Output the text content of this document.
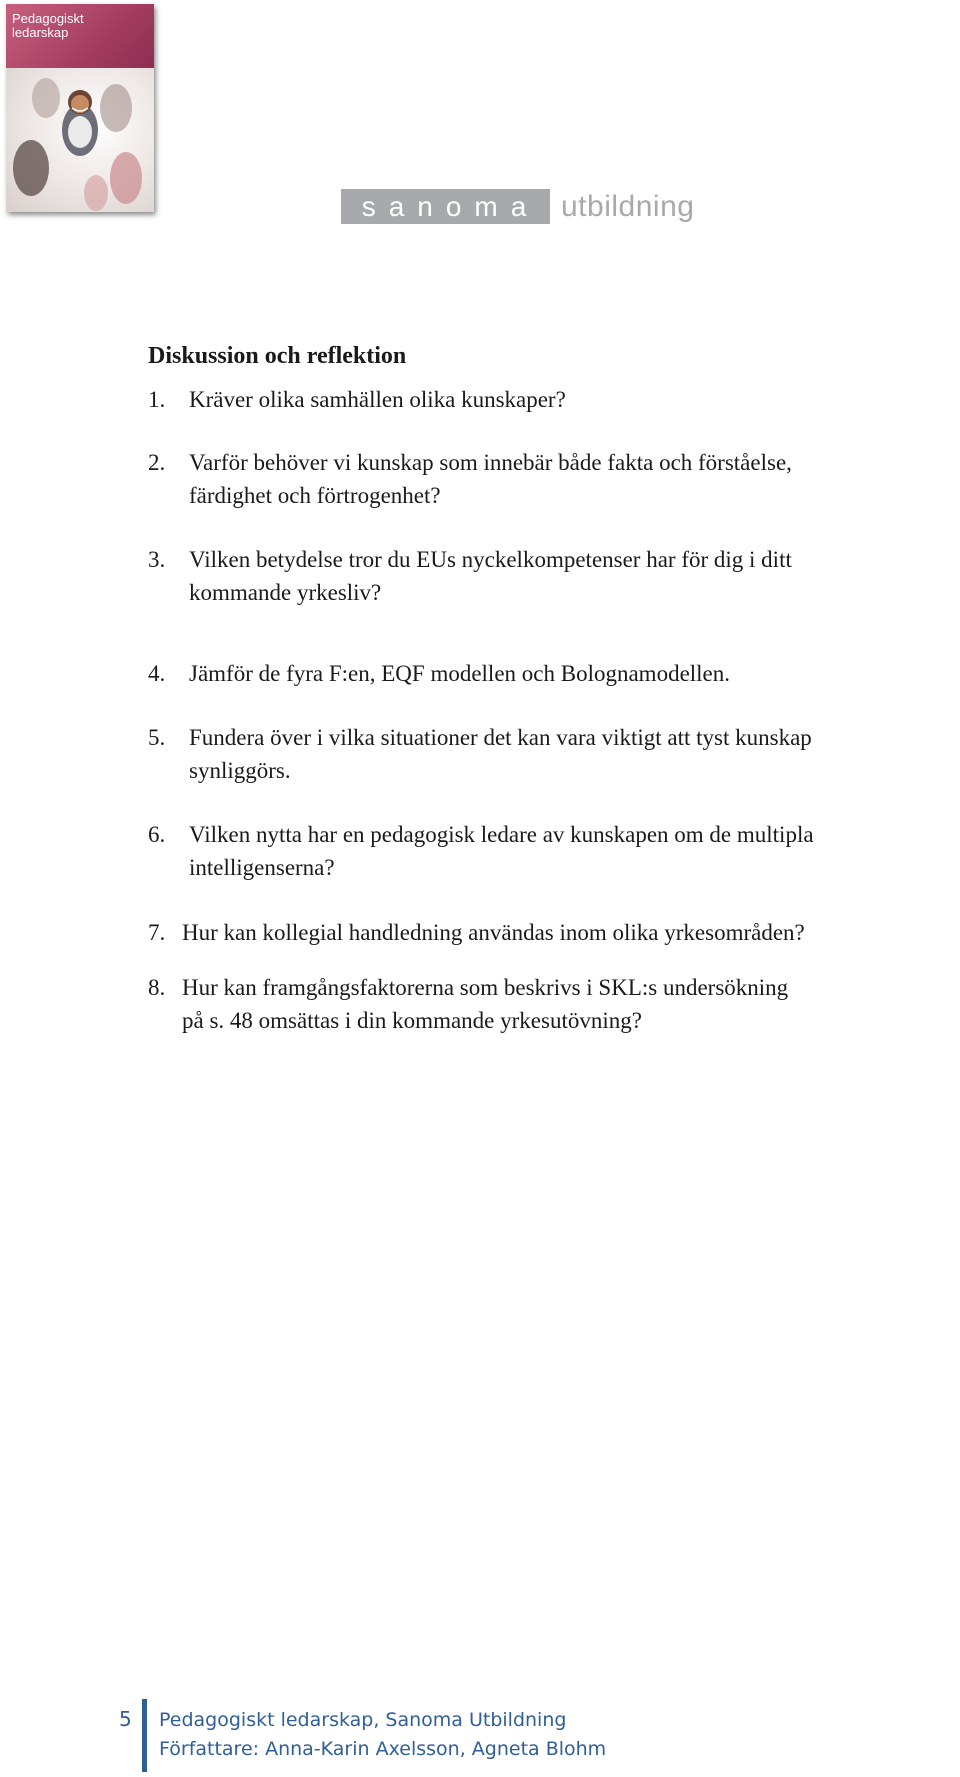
Pedagogiskt
ledarskap
sanoma utbildning
Diskussion och reflektion
1. Kräver olika samhällen olika kunskaper?
2. Varför behöver vi kunskap som innebär både fakta och förståelse,
färdighet och förtrogenhet?
3. Vilken betydelse tror du EUs nyckelkompetenser har för dig i ditt
kommande yrkesliv?
4. Jämför de fyra F:en, EQF modellen och Bolognamodellen.
5. Fundera över i vilka situationer det kan vara viktigt att tyst kunskap
synliggörs.
6. Vilken nytta har en pedagogisk ledare av kunskapen om de multipla
intelligenserna?
7. Hur kan kollegial handledning användas inom olika yrkesområden?
8. Hur kan framgångsfaktorerna som beskrivs i SKL:s undersökning
på s. 48 omsättas i din kommande yrkesutövning?
5 Pedagogiskt ledarskap, Sanoma Utbildning
Författare: Anna-Karin Axelsson, Agneta Blohm
